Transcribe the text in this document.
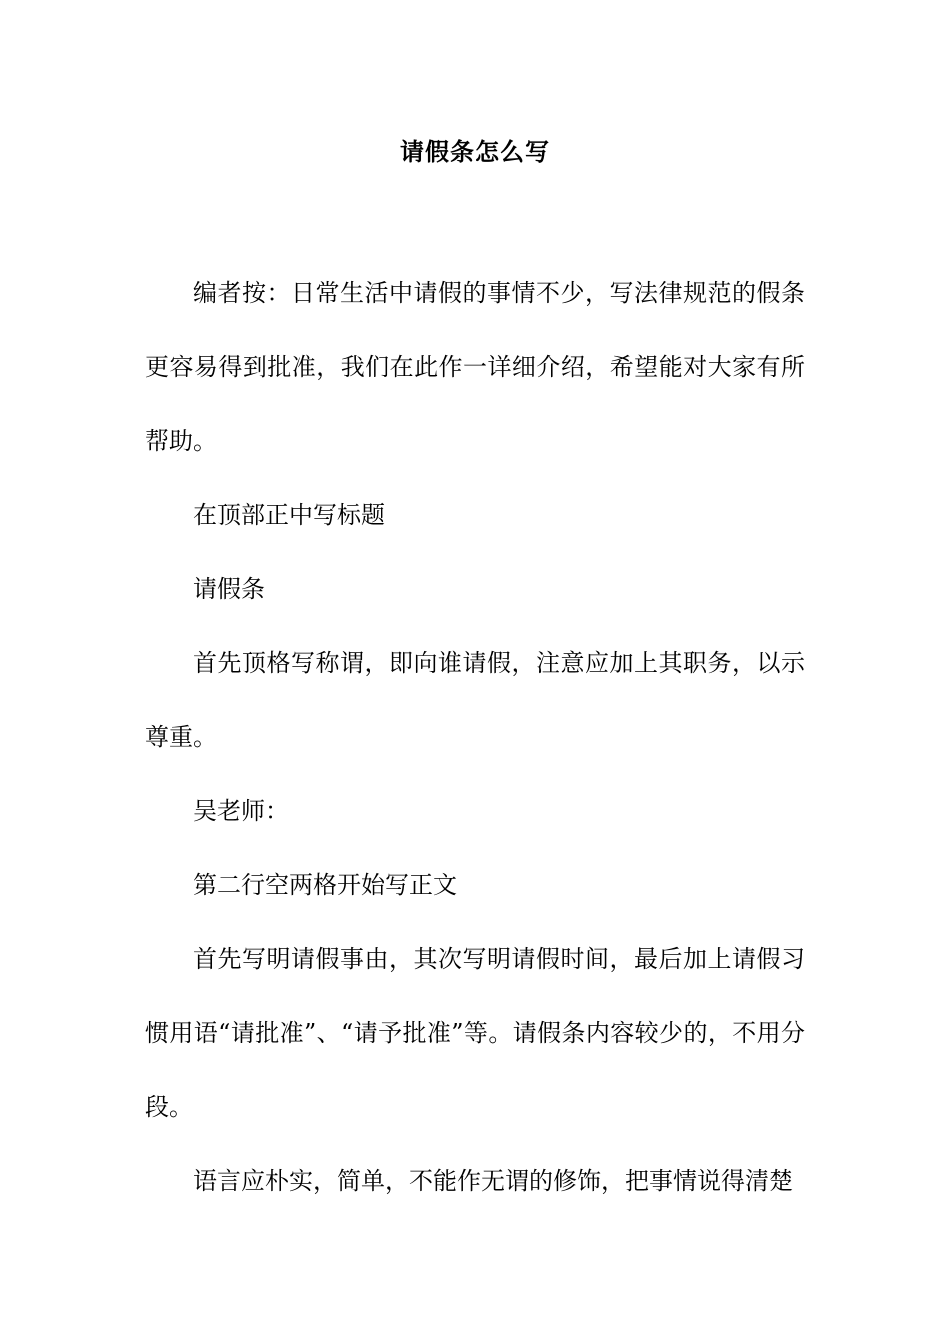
请假条怎么写

编者按：日常生活中请假的事情不少，写法律规范的假条更容易得到批准，我们在此作一详细介绍，希望能对大家有所帮助。

在顶部正中写标题

请假条

首先顶格写称谓，即向谁请假，注意应加上其职务，以示尊重。

吴老师：

第二行空两格开始写正文

首先写明请假事由，其次写明请假时间，最后加上请假习惯用语“请批准”、“请予批准”等。请假条内容较少的，不用分段。

语言应朴实，简单，不能作无谓的修饰，把事情说得清楚
